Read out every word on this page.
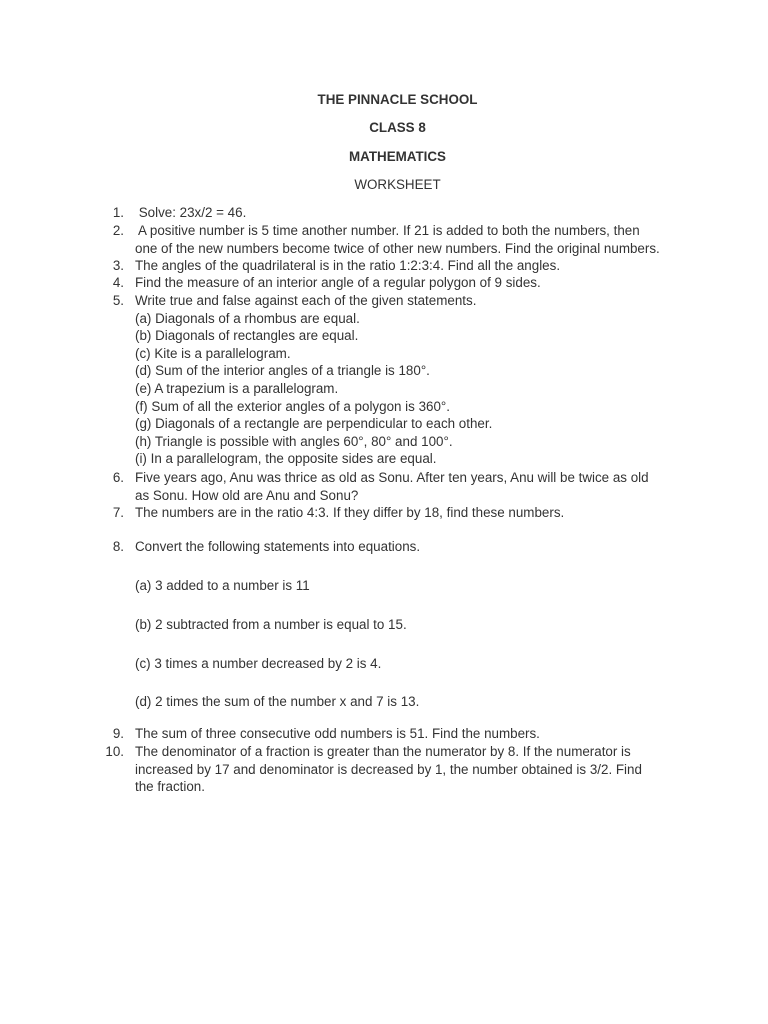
THE PINNACLE SCHOOL
CLASS 8
MATHEMATICS
WORKSHEET
1. Solve: 23x/2 = 46.
2. A positive number is 5 time another number. If 21 is added to both the numbers, then
one of the new numbers become twice of other new numbers. Find the original numbers.
3. The angles of the quadrilateral is in the ratio 1:2:3:4. Find all the angles.
4. Find the measure of an interior angle of a regular polygon of 9 sides.
5. Write true and false against each of the given statements.
(a) Diagonals of a rhombus are equal.
(b) Diagonals of rectangles are equal.
(c) Kite is a parallelogram.
(d) Sum of the interior angles of a triangle is 180°.
(e) A trapezium is a parallelogram.
(f) Sum of all the exterior angles of a polygon is 360°.
(g) Diagonals of a rectangle are perpendicular to each other.
(h) Triangle is possible with angles 60°, 80° and 100°.
(i) In a parallelogram, the opposite sides are equal.
6. Five years ago, Anu was thrice as old as Sonu. After ten years, Anu will be twice as old
as Sonu. How old are Anu and Sonu?
7. The numbers are in the ratio 4:3. If they differ by 18, find these numbers.
8. Convert the following statements into equations.
(a) 3 added to a number is 11
(b) 2 subtracted from a number is equal to 15.
(c) 3 times a number decreased by 2 is 4.
(d) 2 times the sum of the number x and 7 is 13.
9. The sum of three consecutive odd numbers is 51. Find the numbers.
10. The denominator of a fraction is greater than the numerator by 8. If the numerator is
increased by 17 and denominator is decreased by 1, the number obtained is 3/2. Find
the fraction.
